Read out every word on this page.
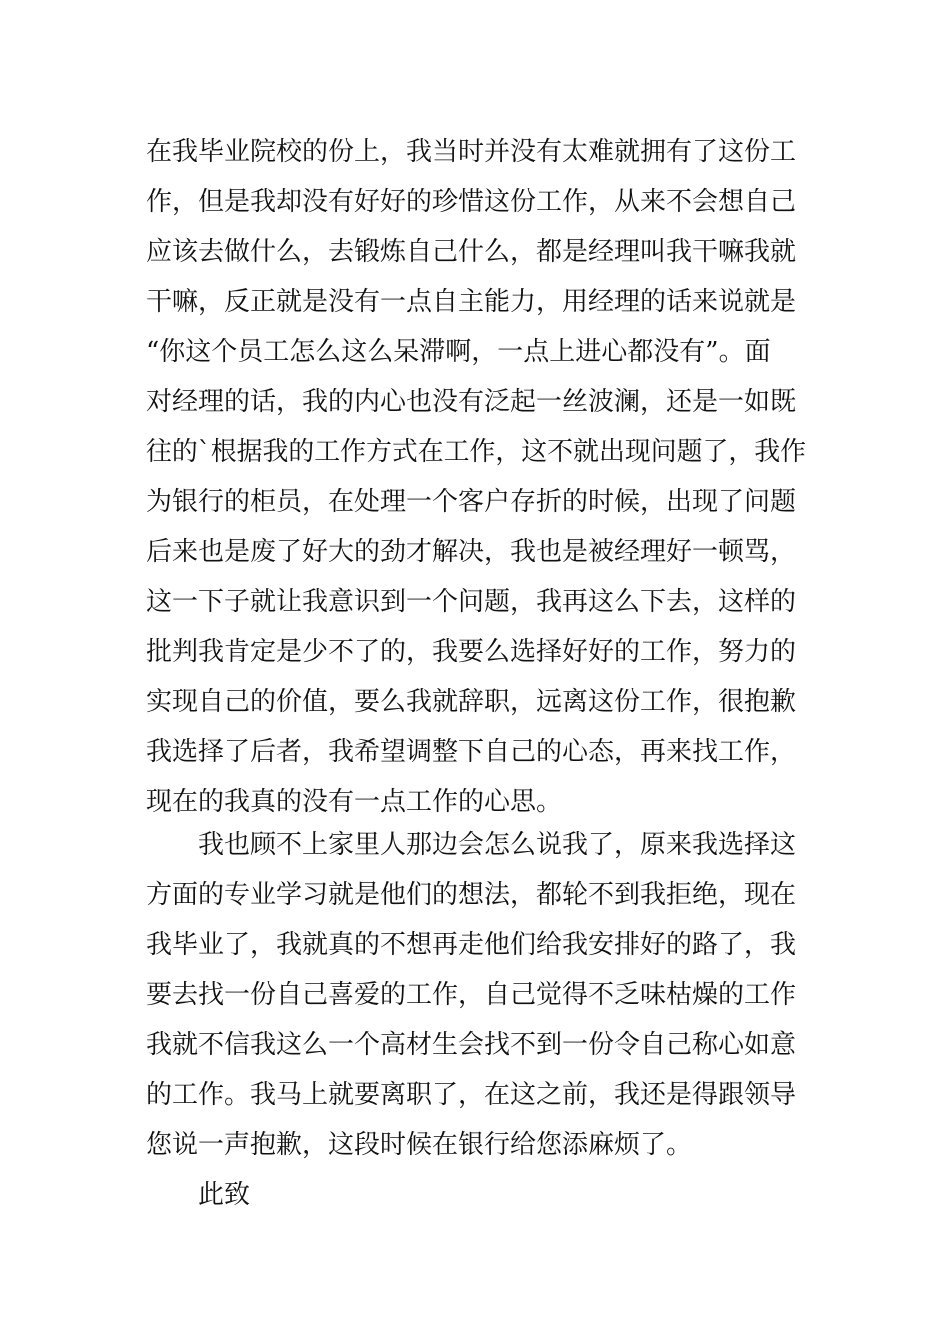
在我毕业院校的份上，我当时并没有太难就拥有了这份工
作，但是我却没有好好的珍惜这份工作，从来不会想自己
应该去做什么，去锻炼自己什么，都是经理叫我干嘛我就
干嘛，反正就是没有一点自主能力，用经理的话来说就是
“你这个员工怎么这么呆滞啊，一点上进心都没有”。面
对经理的话，我的内心也没有泛起一丝波澜，还是一如既
往的`根据我的工作方式在工作，这不就出现问题了，我作
为银行的柜员，在处理一个客户存折的时候，出现了问题
后来也是废了好大的劲才解决，我也是被经理好一顿骂，
这一下子就让我意识到一个问题，我再这么下去，这样的
批判我肯定是少不了的，我要么选择好好的工作，努力的
实现自己的价值，要么我就辞职，远离这份工作，很抱歉
我选择了后者，我希望调整下自己的心态，再来找工作，
现在的我真的没有一点工作的心思。
　　我也顾不上家里人那边会怎么说我了，原来我选择这
方面的专业学习就是他们的想法，都轮不到我拒绝，现在
我毕业了，我就真的不想再走他们给我安排好的路了，我
要去找一份自己喜爱的工作，自己觉得不乏味枯燥的工作
我就不信我这么一个高材生会找不到一份令自己称心如意
的工作。我马上就要离职了，在这之前，我还是得跟领导
您说一声抱歉，这段时候在银行给您添麻烦了。
　　此致
